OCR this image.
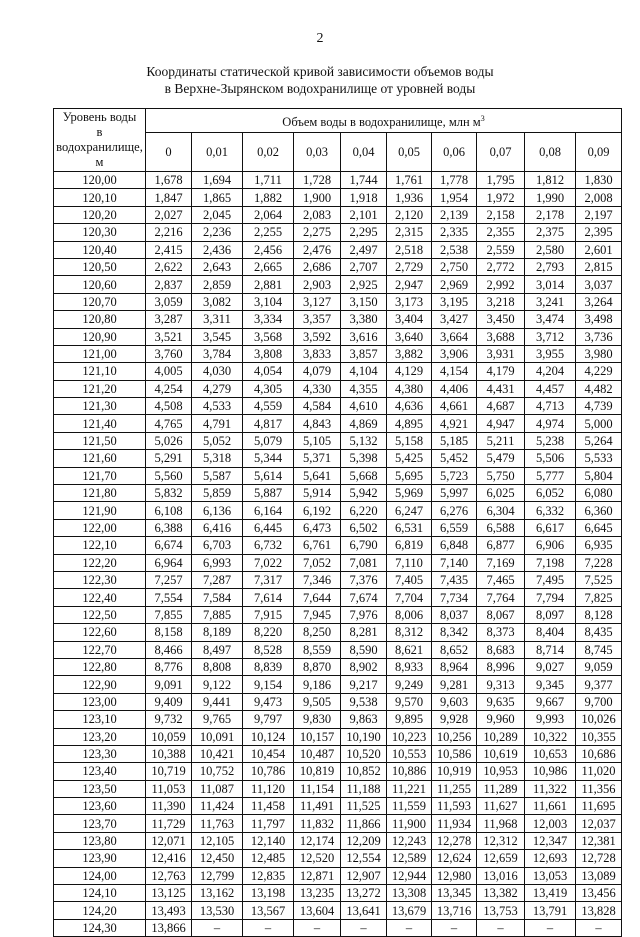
2
Координаты статической кривой зависимости объемов воды
в Верхне-Зырянском водохранилище от уровней воды
Уровень воды
в
водохранилище,
м	Объем воды в водохранилище, млн $м^3$
	0	0,01	0,02	0,03	0,04	0,05	0,06	0,07	0,08	0,09
120,00	1,678	1,694	1,711	1,728	1,744	1,761	1,778	1,795	1,812	1,830
120,10	1,847	1,865	1,882	1,900	1,918	1,936	1,954	1,972	1,990	2,008
120,20	2,027	2,045	2,064	2,083	2,101	2,120	2,139	2,158	2,178	2,197
120,30	2,216	2,236	2,255	2,275	2,295	2,315	2,335	2,355	2,375	2,395
120,40	2,415	2,436	2,456	2,476	2,497	2,518	2,538	2,559	2,580	2,601
120,50	2,622	2,643	2,665	2,686	2,707	2,729	2,750	2,772	2,793	2,815
120,60	2,837	2,859	2,881	2,903	2,925	2,947	2,969	2,992	3,014	3,037
120,70	3,059	3,082	3,104	3,127	3,150	3,173	3,195	3,218	3,241	3,264
120,80	3,287	3,311	3,334	3,357	3,380	3,404	3,427	3,450	3,474	3,498
120,90	3,521	3,545	3,568	3,592	3,616	3,640	3,664	3,688	3,712	3,736
121,00	3,760	3,784	3,808	3,833	3,857	3,882	3,906	3,931	3,955	3,980
121,10	4,005	4,030	4,054	4,079	4,104	4,129	4,154	4,179	4,204	4,229
121,20	4,254	4,279	4,305	4,330	4,355	4,380	4,406	4,431	4,457	4,482
121,30	4,508	4,533	4,559	4,584	4,610	4,636	4,661	4,687	4,713	4,739
121,40	4,765	4,791	4,817	4,843	4,869	4,895	4,921	4,947	4,974	5,000
121,50	5,026	5,052	5,079	5,105	5,132	5,158	5,185	5,211	5,238	5,264
121,60	5,291	5,318	5,344	5,371	5,398	5,425	5,452	5,479	5,506	5,533
121,70	5,560	5,587	5,614	5,641	5,668	5,695	5,723	5,750	5,777	5,804
121,80	5,832	5,859	5,887	5,914	5,942	5,969	5,997	6,025	6,052	6,080
121,90	6,108	6,136	6,164	6,192	6,220	6,247	6,276	6,304	6,332	6,360
122,00	6,388	6,416	6,445	6,473	6,502	6,531	6,559	6,588	6,617	6,645
122,10	6,674	6,703	6,732	6,761	6,790	6,819	6,848	6,877	6,906	6,935
122,20	6,964	6,993	7,022	7,052	7,081	7,110	7,140	7,169	7,198	7,228
122,30	7,257	7,287	7,317	7,346	7,376	7,405	7,435	7,465	7,495	7,525
122,40	7,554	7,584	7,614	7,644	7,674	7,704	7,734	7,764	7,794	7,825
122,50	7,855	7,885	7,915	7,945	7,976	8,006	8,037	8,067	8,097	8,128
122,60	8,158	8,189	8,220	8,250	8,281	8,312	8,342	8,373	8,404	8,435
122,70	8,466	8,497	8,528	8,559	8,590	8,621	8,652	8,683	8,714	8,745
122,80	8,776	8,808	8,839	8,870	8,902	8,933	8,964	8,996	9,027	9,059
122,90	9,091	9,122	9,154	9,186	9,217	9,249	9,281	9,313	9,345	9,377
123,00	9,409	9,441	9,473	9,505	9,538	9,570	9,603	9,635	9,667	9,700
123,10	9,732	9,765	9,797	9,830	9,863	9,895	9,928	9,960	9,993	10,026
123,20	10,059	10,091	10,124	10,157	10,190	10,223	10,256	10,289	10,322	10,355
123,30	10,388	10,421	10,454	10,487	10,520	10,553	10,586	10,619	10,653	10,686
123,40	10,719	10,752	10,786	10,819	10,852	10,886	10,919	10,953	10,986	11,020
123,50	11,053	11,087	11,120	11,154	11,188	11,221	11,255	11,289	11,322	11,356
123,60	11,390	11,424	11,458	11,491	11,525	11,559	11,593	11,627	11,661	11,695
123,70	11,729	11,763	11,797	11,832	11,866	11,900	11,934	11,968	12,003	12,037
123,80	12,071	12,105	12,140	12,174	12,209	12,243	12,278	12,312	12,347	12,381
123,90	12,416	12,450	12,485	12,520	12,554	12,589	12,624	12,659	12,693	12,728
124,00	12,763	12,799	12,835	12,871	12,907	12,944	12,980	13,016	13,053	13,089
124,10	13,125	13,162	13,198	13,235	13,272	13,308	13,345	13,382	13,419	13,456
124,20	13,493	13,530	13,567	13,604	13,641	13,679	13,716	13,753	13,791	13,828
124,30	13,866	–	–	–	–	–	–	–	–	–
